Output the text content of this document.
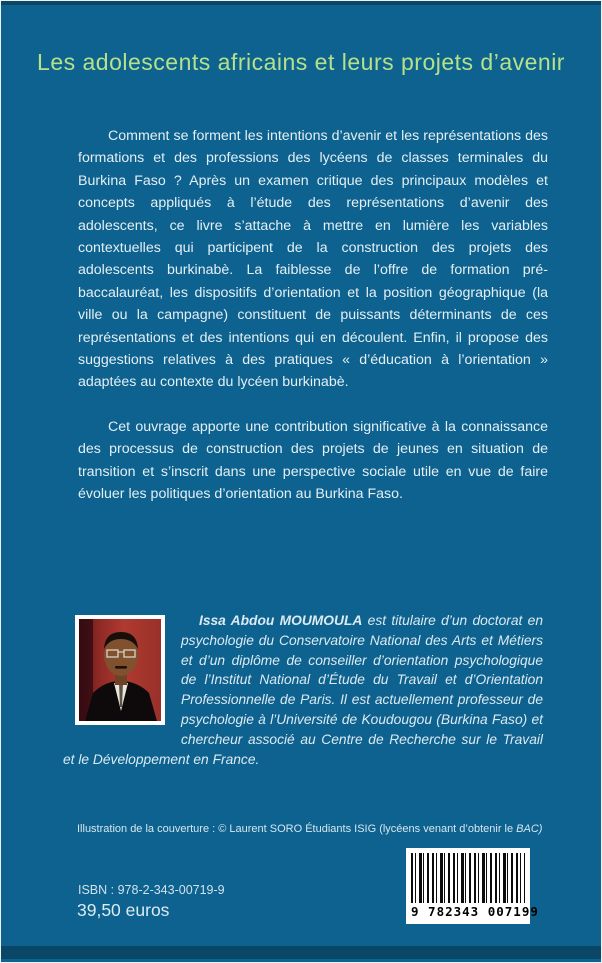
Les adolescents africains et leurs projets d’avenir

Comment se forment les intentions d’avenir et les représentations des formations et des professions des lycéens de classes terminales du Burkina Faso ? Après un examen critique des principaux modèles et concepts appliqués à l’étude des représentations d’avenir des adolescents, ce livre s’attache à mettre en lumière les variables contextuelles qui participent de la construction des projets des adolescents burkinabè. La faiblesse de l’offre de formation pré-baccalauréat, les dispositifs d’orientation et la position géographique (la ville ou la campagne) constituent de puissants déterminants de ces représentations et des intentions qui en découlent. Enfin, il propose des suggestions relatives à des pratiques « d’éducation à l’orientation » adaptées au contexte du lycéen burkinabè.

Cet ouvrage apporte une contribution significative à la connaissance des processus de construction des projets de jeunes en situation de transition et s’inscrit dans une perspective sociale utile en vue de faire évoluer les politiques d’orientation au Burkina Faso.

Issa Abdou MOUMOULA est titulaire d’un doctorat en psychologie du Conservatoire National des Arts et Métiers et d’un diplôme de conseiller d’orientation psychologique de l’Institut National d’Étude du Travail et d’Orientation Professionnelle de Paris. Il est actuellement professeur de psychologie à l’Université de Koudougou (Burkina Faso) et chercheur associé au Centre de Recherche sur le Travail et le Développement en France.

Illustration de la couverture : © Laurent SORO Étudiants ISIG (lycéens venant d’obtenir le BAC)

9 782343 007199
ISBN : 978-2-343-00719-9
39,50 euros
